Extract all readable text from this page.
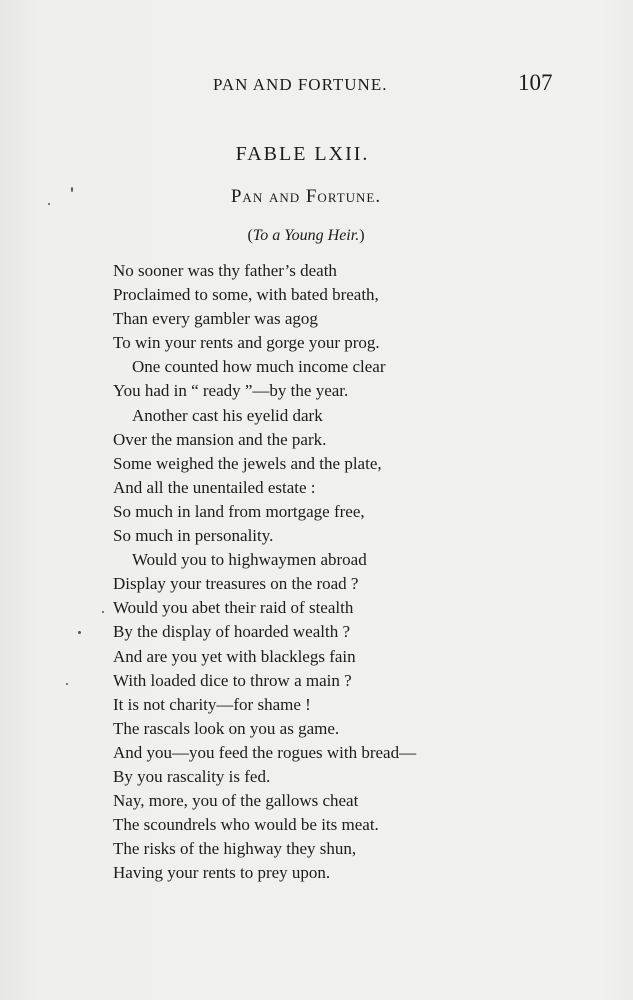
PAN AND FORTUNE.	107
FABLE LXII.
Pan and Fortune.
(To a Young Heir.)
No sooner was thy father’s death
Proclaimed to some, with bated breath,
Than every gambler was agog
To win your rents and gorge your prog.
One counted how much income clear
You had in “ ready ”—by the year.
Another cast his eyelid dark
Over the mansion and the park.
Some weighed the jewels and the plate,
And all the unentailed estate :
So much in land from mortgage free,
So much in personality.
Would you to highwaymen abroad
Display your treasures on the road ?
Would you abet their raid of stealth
By the display of hoarded wealth ?
And are you yet with blacklegs fain
With loaded dice to throw a main ?
It is not charity—for shame !
The rascals look on you as game.
And you—you feed the rogues with bread—
By you rascality is fed.
Nay, more, you of the gallows cheat
The scoundrels who would be its meat.
The risks of the highway they shun,
Having your rents to prey upon.
